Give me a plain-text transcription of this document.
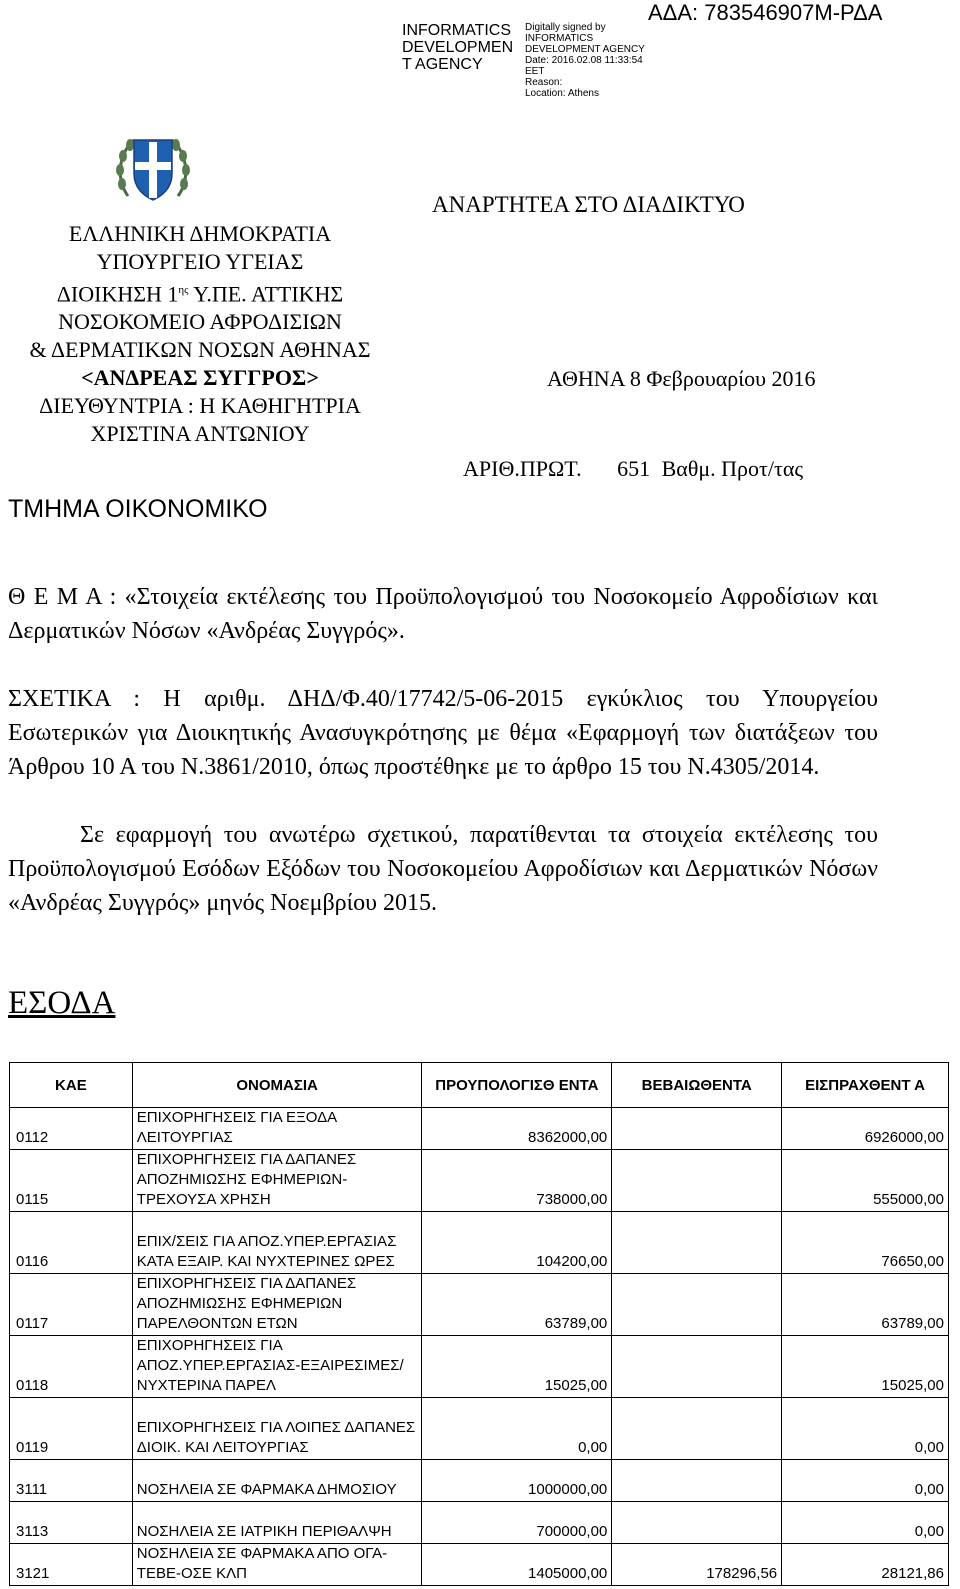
INFORMATICS DEVELOPMEN T AGENCY
Digitally signed by
INFORMATICS
DEVELOPMENT AGENCY
Date: 2016.02.08 11:33:54
EET
Reason:
Location: Athens
ΑΔΑ: 783546907Μ-ΡΔΑ
ΕΛΛΗΝΙΚΗ ΔΗΜΟΚΡΑΤΙΑ
ΥΠΟΥΡΓΕΙΟ ΥΓΕΙΑΣ
ΔΙΟΙΚΗΣΗ $1^{\eta\varsigma}$ Υ.ΠΕ. ΑΤΤΙΚΗΣ
ΝΟΣΟΚΟΜΕΙΟ ΑΦΡΟΔΙΣΙΩΝ
& ΔΕΡΜΑΤΙΚΩΝ ΝΟΣΩΝ ΑΘΗΝΑΣ
<ΑΝΔΡΕΑΣ ΣΥΓΓΡΟΣ>
ΔΙΕΥΘΥΝΤΡΙΑ : Η ΚΑΘΗΓΗΤΡΙΑ
ΧΡΙΣΤΙΝΑ ΑΝΤΩΝΙΟΥ
ΑΝΑΡΤΗΤΕΑ ΣΤΟ ΔΙΑΔΙΚΤΥΟ
ΑΘΗΝΑ 8 Φεβρουαρίου 2016
ΑΡΙΘ.ΠΡΩΤ. 651 Βαθμ. Προτ/τας
ΤΜΗΜΑ ΟΙΚΟΝΟΜΙΚΟ
Θ Ε Μ Α : «Στοιχεία εκτέλεσης του Προϋπολογισμού του Νοσοκομείο Αφροδίσιων και Δερματικών Νόσων «Ανδρέας Συγγρός».
ΣΧΕΤΙΚΑ : Η αριθμ. ΔΗΔ/Φ.40/17742/5-06-2015 εγκύκλιος του Υπουργείου Εσωτερικών για Διοικητικής Ανασυγκρότησης με θέμα «Εφαρμογή των διατάξεων του Άρθρου 10 Α του Ν.3861/2010, όπως προστέθηκε με το άρθρο 15 του Ν.4305/2014.
Σε εφαρμογή του ανωτέρω σχετικού, παρατίθενται τα στοιχεία εκτέλεσης του Προϋπολογισμού Εσόδων Εξόδων του Νοσοκομείου Αφροδίσιων και Δερματικών Νόσων «Ανδρέας Συγγρός» μηνός Νοεμβρίου 2015.
ΕΣΟΔΑ
ΚΑΕ	ΟΝΟΜΑΣΙΑ	ΠΡΟΥΠΟΛΟΓΙΣΘ ΕΝΤΑ	ΒΕΒΑΙΩΘΕΝΤΑ	ΕΙΣΠΡΑΧΘΕΝΤ Α
0112	ΕΠΙΧΟΡΗΓΗΣΕΙΣ ΓΙΑ ΕΞΟΔΑ ΛΕΙΤΟΥΡΓΙΑΣ	8362000,00		6926000,00
0115	ΕΠΙΧΟΡΗΓΗΣΕΙΣ ΓΙΑ ΔΑΠΑΝΕΣ ΑΠΟΖΗΜΙΩΣΗΣ ΕΦΗΜΕΡΙΩΝ-ΤΡΕΧΟΥΣΑ ΧΡΗΣΗ	738000,00		555000,00
0116	ΕΠΙΧ/ΣΕΙΣ ΓΙΑ ΑΠΟΖ.ΥΠΕΡ.ΕΡΓΑΣΙΑΣ ΚΑΤΑ ΕΞΑΙΡ. ΚΑΙ ΝΥΧΤΕΡΙΝΕΣ ΩΡΕΣ	104200,00		76650,00
0117	ΕΠΙΧΟΡΗΓΗΣΕΙΣ ΓΙΑ ΔΑΠΑΝΕΣ ΑΠΟΖΗΜΙΩΣΗΣ ΕΦΗΜΕΡΙΩΝ ΠΑΡΕΛΘΟΝΤΩΝ ΕΤΩΝ	63789,00		63789,00
0118	ΕΠΙΧΟΡΗΓΗΣΕΙΣ ΓΙΑ ΑΠΟΖ.ΥΠΕΡ.ΕΡΓΑΣΙΑΣ-ΕΞΑΙΡΕΣΙΜΕΣ/ΝΥΧΤΕΡΙΝΑ ΠΑΡΕΛ	15025,00		15025,00
0119	ΕΠΙΧΟΡΗΓΗΣΕΙΣ ΓΙΑ ΛΟΙΠΕΣ ΔΑΠΑΝΕΣ ΔΙΟΙΚ. ΚΑΙ ΛΕΙΤΟΥΡΓΙΑΣ	0,00		0,00
3111	ΝΟΣΗΛΕΙΑ ΣΕ ΦΑΡΜΑΚΑ ΔΗΜΟΣΙΟΥ	1000000,00		0,00
3113	ΝΟΣΗΛΕΙΑ ΣΕ ΙΑΤΡΙΚΗ ΠΕΡΙΘΑΛΨΗ	700000,00		0,00
3121	ΝΟΣΗΛΕΙΑ ΣΕ ΦΑΡΜΑΚΑ ΑΠΟ ΟΓΑ-ΤΕΒΕ-ΟΣΕ ΚΛΠ	1405000,00	178296,56	28121,86
